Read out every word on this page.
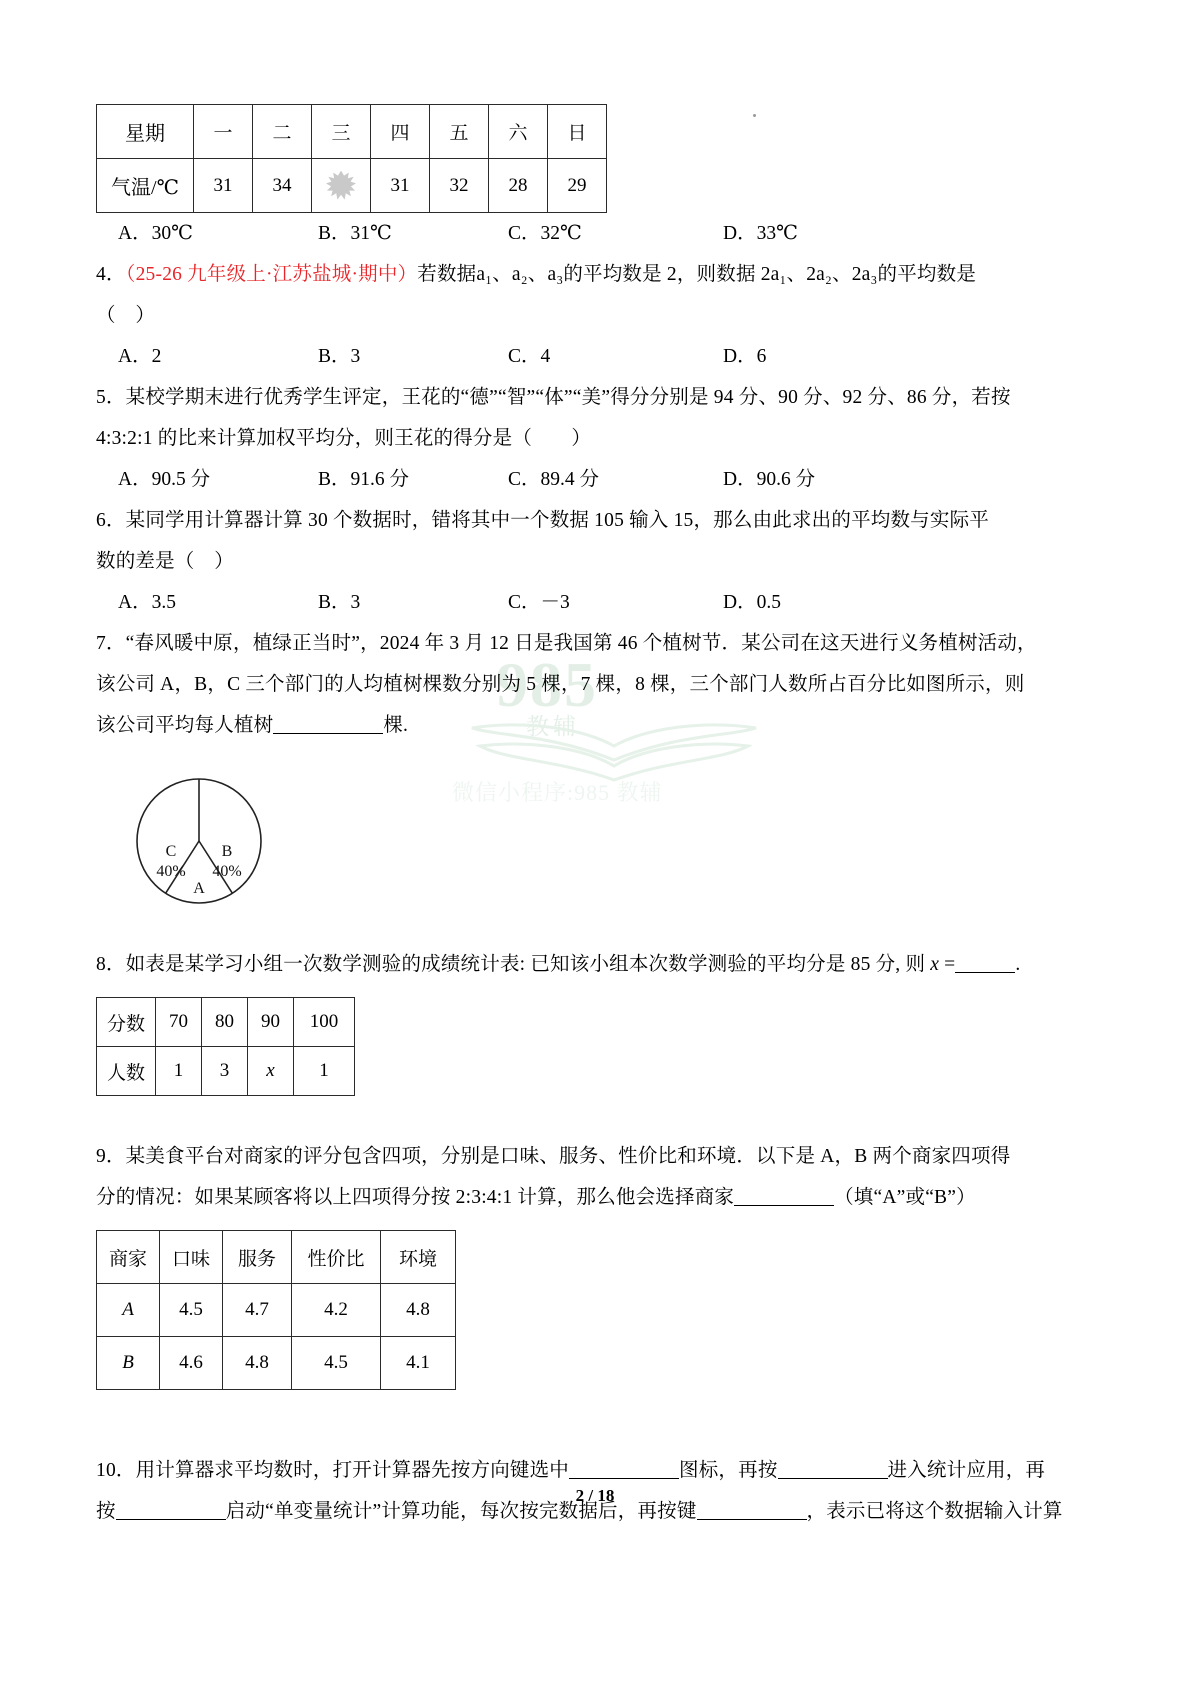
985
教辅
微信小程序:985 教辅
星期	一	二	三	四	五	六	日
气温/℃	31	34		31	32	28	29
A．30℃	B．31℃	C．32℃	D．33℃
4．（25-26 九年级上·江苏盐城·期中）若数据a₁、a₂、a₃的平均数是 2，则数据 2a₁、2a₂、2a₃的平均数是
（　）
A．2	B．3	C．4	D．6
5．某校学期末进行优秀学生评定，王花的“德”“智”“体”“美”得分分别是 94 分、90 分、92 分、86 分，若按
4:3:2:1 的比来计算加权平均分，则王花的得分是（　　）
A．90.5 分	B．91.6 分	C．89.4 分	D．90.6 分
6．某同学用计算器计算 30 个数据时，错将其中一个数据 105 输入 15，那么由此求出的平均数与实际平
数的差是（　）
A．3.5	B．3	C．－3	D．0.5
7．“春风暖中原，植绿正当时”，2024 年 3 月 12 日是我国第 46 个植树节．某公司在这天进行义务植树活动，
该公司 A，B，C 三个部门的人均植树棵数分别为 5 棵，7 棵，8 棵，三个部门人数所占百分比如图所示，则
该公司平均每人植树	棵.
C
40%
B
40%
A
8．如表是某学习小组一次数学测验的成绩统计表: 已知该小组本次数学测验的平均分是 85 分, 则 x =	.
分数	70	80	90	100
人数	1	3	x	1
9．某美食平台对商家的评分包含四项，分别是口味、服务、性价比和环境．以下是 A，B 两个商家四项得
分的情况：如果某顾客将以上四项得分按 2:3:4:1 计算，那么他会选择商家	（填“A”或“B”）
商家	口味	服务	性价比	环境
A	4.5	4.7	4.2	4.8
B	4.6	4.8	4.5	4.1
10．用计算器求平均数时，打开计算器先按方向键选中	图标，再按	进入统计应用，再
按	启动“单变量统计”计算功能，每次按完数据后，再按键	，表示已将这个数据输入计算
2 / 18
